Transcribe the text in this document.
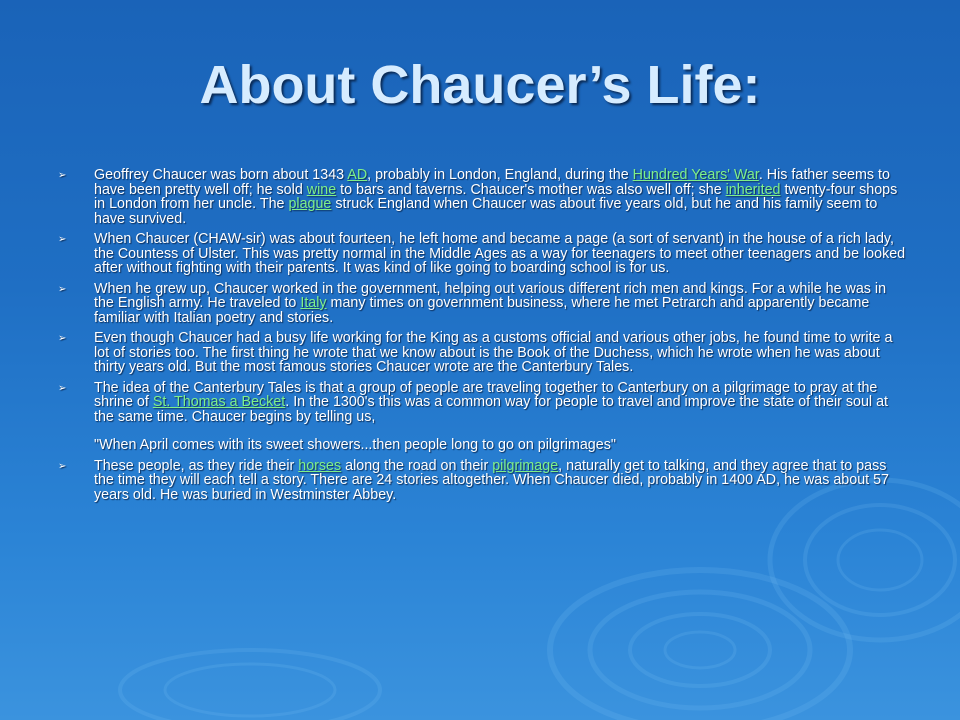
About Chaucer’s Life:
➢	Geoffrey Chaucer was born about 1343 AD, probably in London, England, during the Hundred Years' War. His father seems to have been pretty well off; he sold wine to bars and taverns. Chaucer's mother was also well off; she inherited twenty-four shops in London from her uncle. The plague struck England when Chaucer was about five years old, but he and his family seem to have survived.
➢	When Chaucer (CHAW-sir) was about fourteen, he left home and became a page (a sort of servant) in the house of a rich lady, the Countess of Ulster. This was pretty normal in the Middle Ages as a way for teenagers to meet other teenagers and be looked after without fighting with their parents. It was kind of like going to boarding school is for us.
➢	When he grew up, Chaucer worked in the government, helping out various different rich men and kings. For a while he was in the English army. He traveled to Italy many times on government business, where he met Petrarch and apparently became familiar with Italian poetry and stories.
➢	Even though Chaucer had a busy life working for the King as a customs official and various other jobs, he found time to write a lot of stories too. The first thing he wrote that we know about is the Book of the Duchess, which he wrote when he was about thirty years old. But the most famous stories Chaucer wrote are the Canterbury Tales.
➢	The idea of the Canterbury Tales is that a group of people are traveling together to Canterbury on a pilgrimage to pray at the shrine of St. Thomas a Becket. In the 1300's this was a common way for people to travel and improve the state of their soul at the same time. Chaucer begins by telling us,
"When April comes with its sweet showers...then people long to go on pilgrimages"
➢	These people, as they ride their horses along the road on their pilgrimage, naturally get to talking, and they agree that to pass the time they will each tell a story. There are 24 stories altogether. When Chaucer died, probably in 1400 AD, he was about 57 years old. He was buried in Westminster Abbey.
